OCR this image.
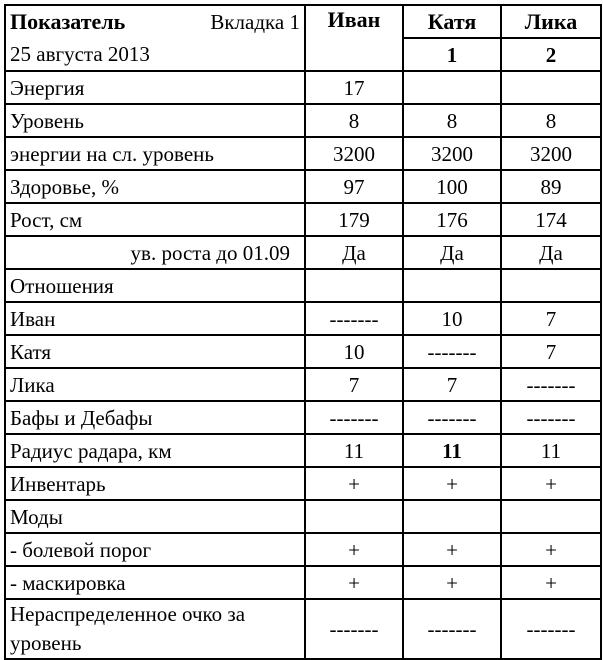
Показатель Вкладка 1	Иван	Катя	Лика
25 августа 2013		1	2
Энергия	17		
Уровень	8	8	8
энергии на сл. уровень	3200	3200	3200
Здоровье, %	97	100	89
Рост, см	179	176	174
ув. роста до 01.09	Да	Да	Да
Отношения			
Иван	-------	10	7
Катя	10	-------	7
Лика	7	7	-------
Бафы и Дебафы	-------	-------	-------
Радиус радара, км	11	11	11
Инвентарь	+	+	+
Моды			
- болевой порог	+	+	+
- маскировка	+	+	+
Нераспределенное очко за уровень	-------	-------	-------
